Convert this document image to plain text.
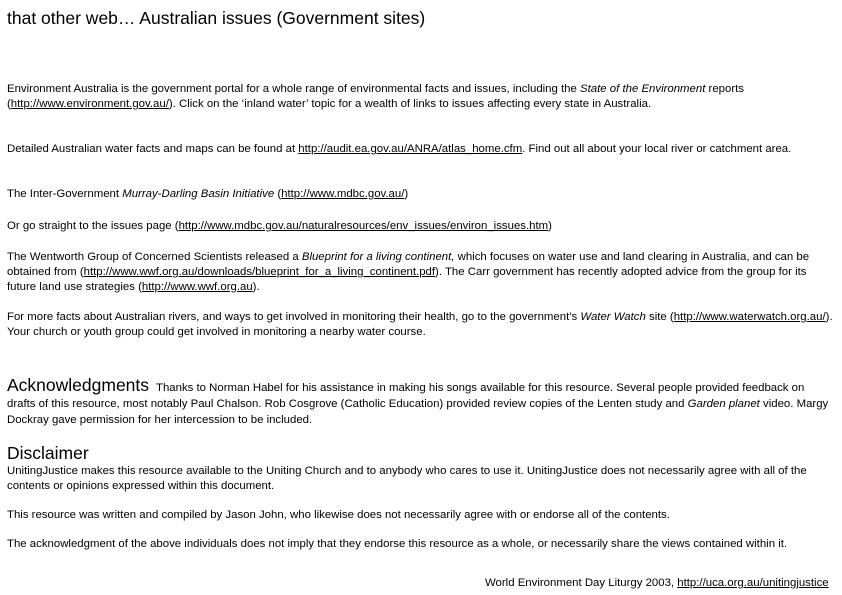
that other web… Australian issues (Government sites)

Environment Australia is the government portal for a whole range of environmental facts and issues, including the State of the Environment reports (http://www.environment.gov.au/). Click on the ‘inland water’ topic for a wealth of links to issues affecting every state in Australia.

Detailed Australian water facts and maps can be found at http://audit.ea.gov.au/ANRA/atlas_home.cfm. Find out all about your local river or catchment area.

The Inter-Government Murray-Darling Basin Initiative (http://www.mdbc.gov.au/)

Or go straight to the issues page (http://www.mdbc.gov.au/naturalresources/env_issues/environ_issues.htm)

The Wentworth Group of Concerned Scientists released a Blueprint for a living continent, which focuses on water use and land clearing in Australia, and can be obtained from (http://www.wwf.org.au/downloads/blueprint_for_a_living_continent.pdf). The Carr government has recently adopted advice from the group for its future land use strategies (http://www.wwf.org.au).

For more facts about Australian rivers, and ways to get involved in monitoring their health, go to the government’s Water Watch site (http://www.waterwatch.org.au/). Your church or youth group could get involved in monitoring a nearby water course.

Acknowledgments Thanks to Norman Habel for his assistance in making his songs available for this resource. Several people provided feedback on drafts of this resource, most notably Paul Chalson. Rob Cosgrove (Catholic Education) provided review copies of the Lenten study and Garden planet video. Margy Dockray gave permission for her intercession to be included.

Disclaimer

UnitingJustice makes this resource available to the Uniting Church and to anybody who cares to use it. UnitingJustice does not necessarily agree with all of the contents or opinions expressed within this document.

This resource was written and compiled by Jason John, who likewise does not necessarily agree with or endorse all of the contents.

The acknowledgment of the above individuals does not imply that they endorse this resource as a whole, or necessarily share the views contained within it.

World Environment Day Liturgy 2003, http://uca.org.au/unitingjustice
